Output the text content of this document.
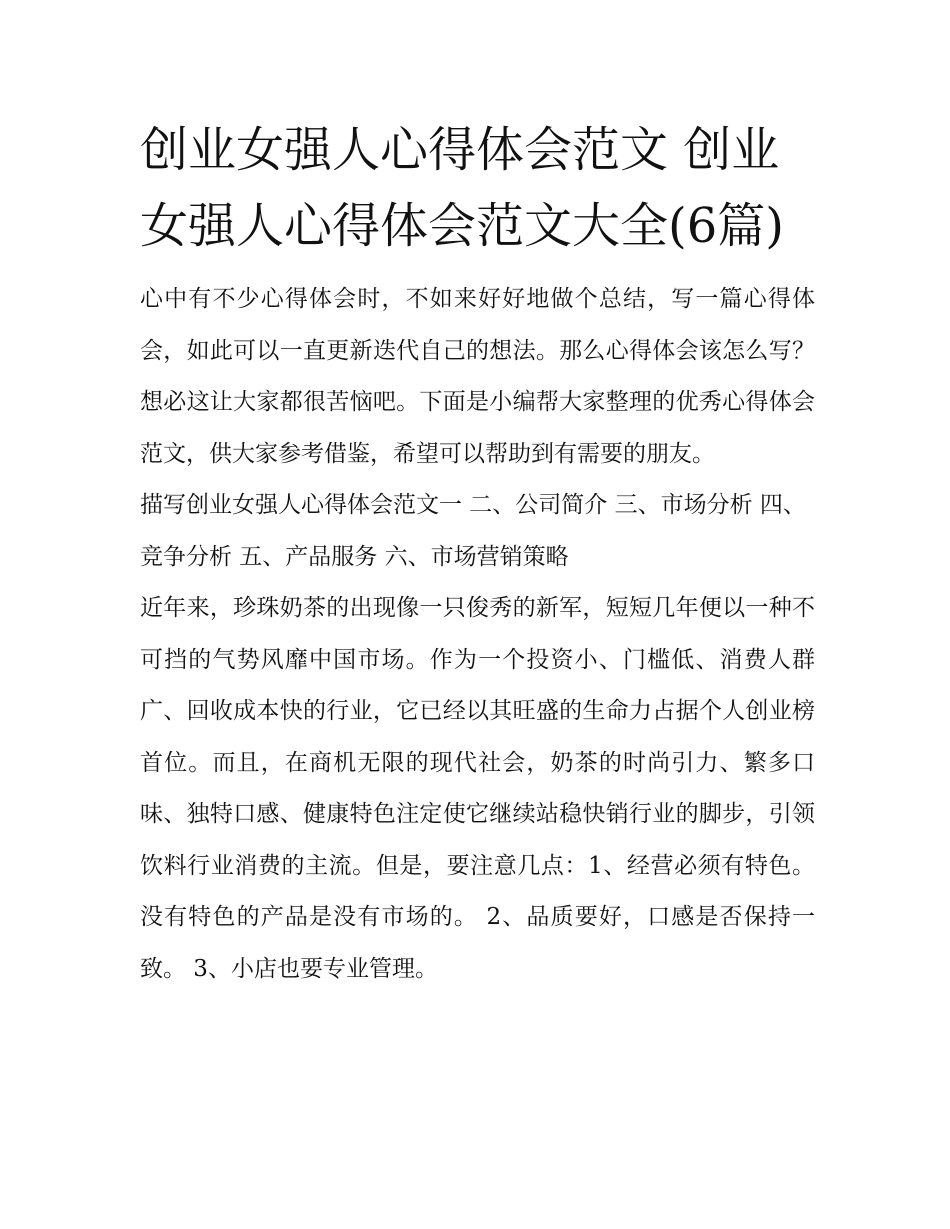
创业女强人心得体会范文 创业女强人心得体会范文大全(6篇)

心中有不少心得体会时，不如来好好地做个总结，写一篇心得体会，如此可以一直更新迭代自己的想法。那么心得体会该怎么写？想必这让大家都很苦恼吧。下面是小编帮大家整理的优秀心得体会范文，供大家参考借鉴，希望可以帮助到有需要的朋友。

描写创业女强人心得体会范文一 二、公司简介 三、市场分析 四、竞争分析 五、产品服务 六、市场营销策略

近年来，珍珠奶茶的出现像一只俊秀的新军，短短几年便以一种不可挡的气势风靡中国市场。作为一个投资小、门槛低、消费人群广、回收成本快的行业，它已经以其旺盛的生命力占据个人创业榜首位。而且，在商机无限的现代社会，奶茶的时尚引力、繁多口味、独特口感、健康特色注定使它继续站稳快销行业的脚步，引领饮料行业消费的主流。但是，要注意几点：1、经营必须有特色。没有特色的产品是没有市场的。 2、品质要好，口感是否保持一致。 3、小店也要专业管理。
